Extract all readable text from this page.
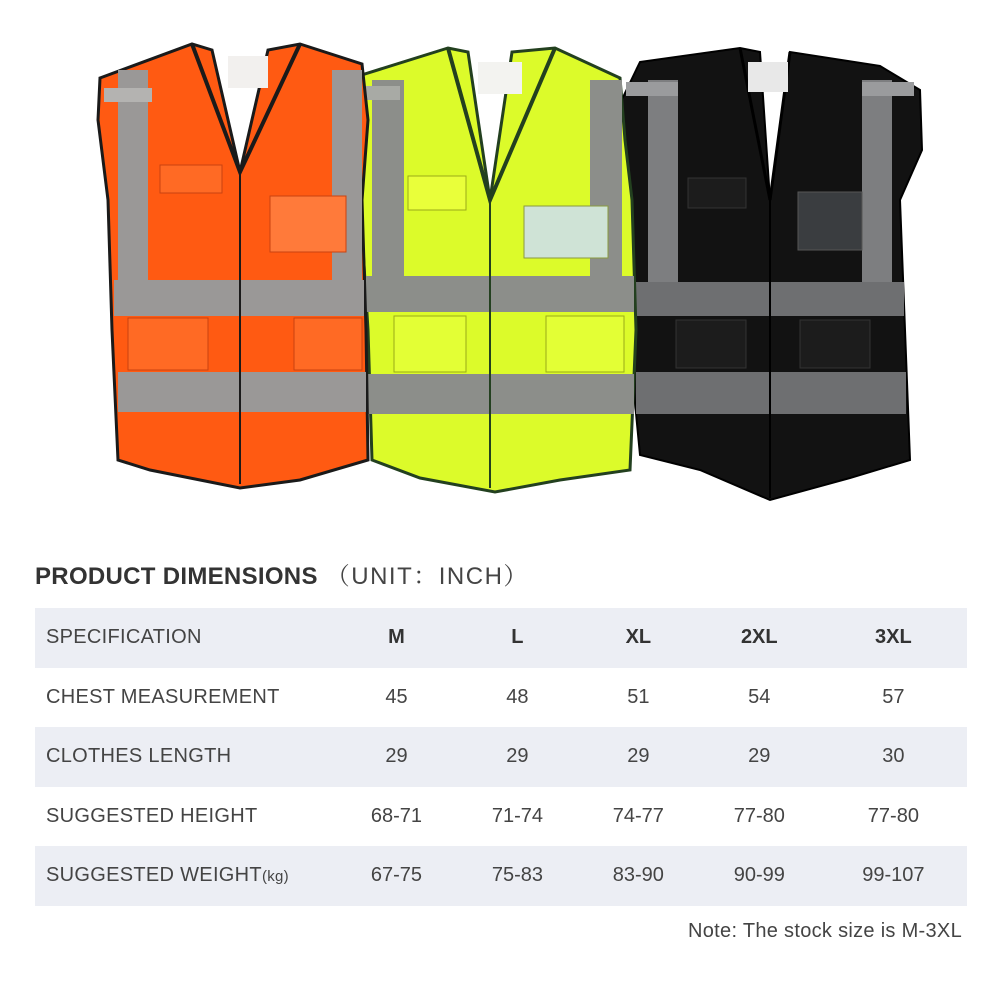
PRODUCT DIMENSIONS （UNIT：INCH）
SPECIFICATION	M	L	XL	2XL	3XL
CHEST MEASUREMENT	45	48	51	54	57
CLOTHES LENGTH	29	29	29	29	30
SUGGESTED HEIGHT	68-71	71-74	74-77	77-80	77-80
SUGGESTED WEIGHT(kg)	67-75	75-83	83-90	90-99	99-107
Note: The stock size is M-3XL
